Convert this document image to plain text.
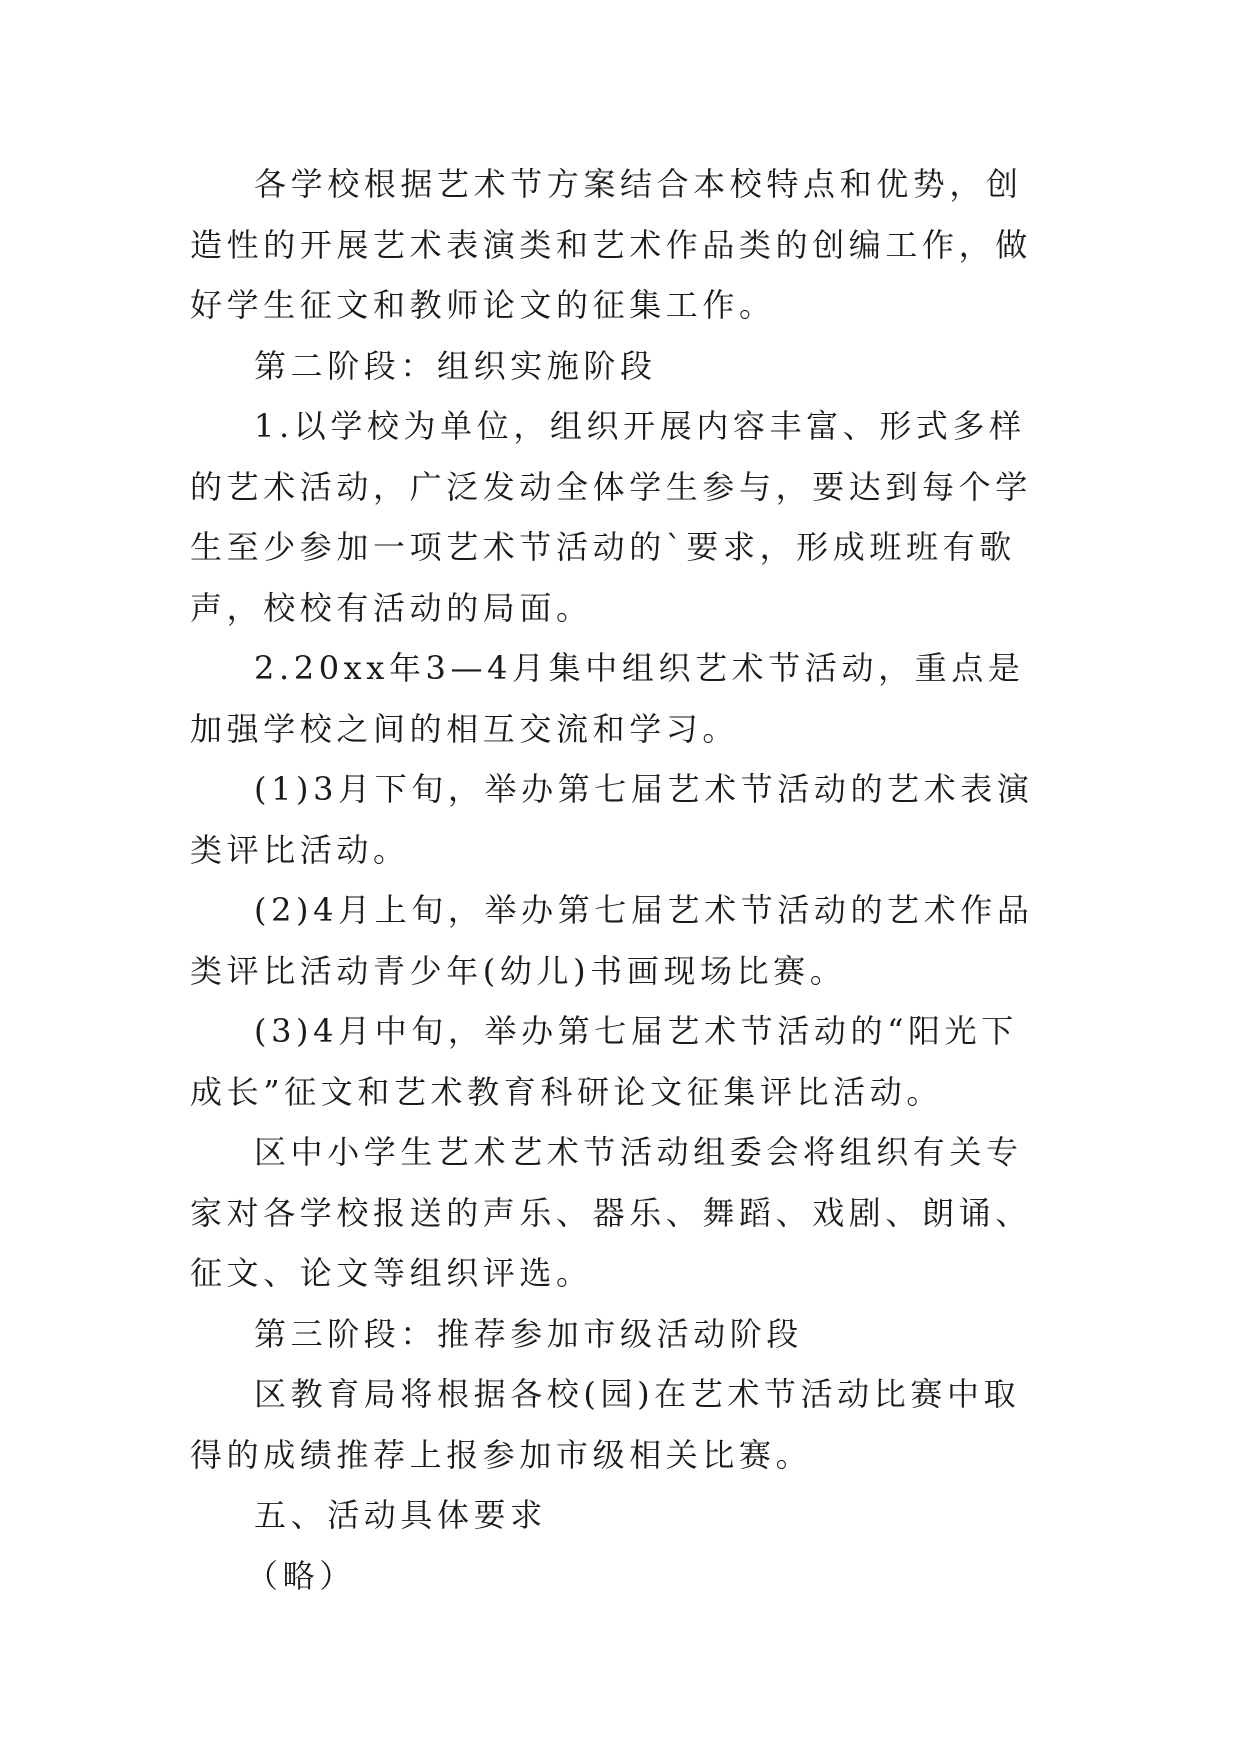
各学校根据艺术节方案结合本校特点和优势，创造性的开展艺术表演类和艺术作品类的创编工作，做好学生征文和教师论文的征集工作。

第二阶段：组织实施阶段

1.以学校为单位，组织开展内容丰富、形式多样的艺术活动，广泛发动全体学生参与，要达到每个学生至少参加一项艺术节活动的`要求，形成班班有歌声，校校有活动的局面。

2.20xx年3—4月集中组织艺术节活动，重点是加强学校之间的相互交流和学习。

(1)3月下旬，举办第七届艺术节活动的艺术表演类评比活动。

(2)4月上旬，举办第七届艺术节活动的艺术作品类评比活动青少年(幼儿)书画现场比赛。

(3)4月中旬，举办第七届艺术节活动的“阳光下成长”征文和艺术教育科研论文征集评比活动。

区中小学生艺术艺术节活动组委会将组织有关专家对各学校报送的声乐、器乐、舞蹈、戏剧、朗诵、征文、论文等组织评选。

第三阶段：推荐参加市级活动阶段

区教育局将根据各校(园)在艺术节活动比赛中取得的成绩推荐上报参加市级相关比赛。

五、活动具体要求

（略）
